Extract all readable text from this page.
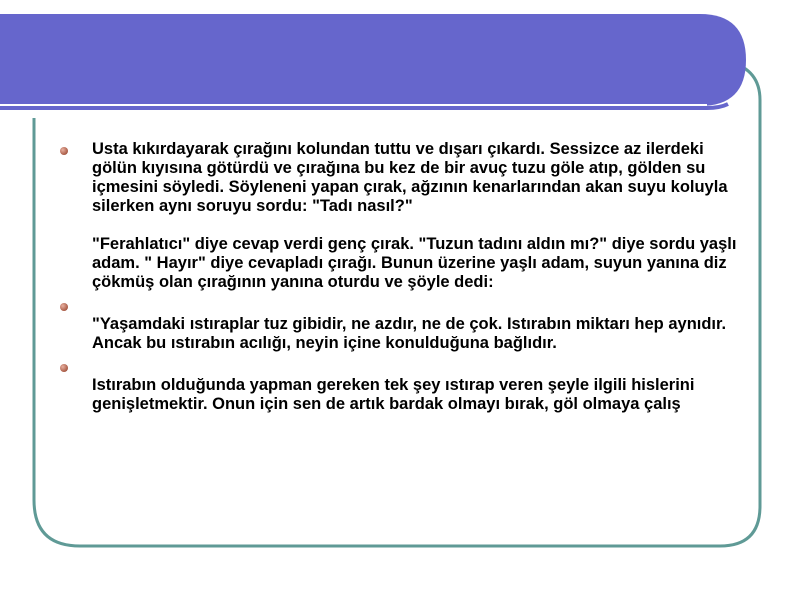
Usta kıkırdayarak çırağını kolundan tuttu ve dışarı çıkardı. Sessizce az ilerdeki gölün kıyısına götürdü ve çırağına bu kez de bir avuç tuzu göle atıp, gölden su içmesini söyledi. Söyleneni yapan çırak, ağzının kenarlarından akan suyu koluyla silerken aynı soruyu sordu: "Tadı nasıl?"

"Ferahlatıcı" diye cevap verdi genç çırak. "Tuzun tadını aldın mı?" diye sordu yaşlı adam. " Hayır" diye cevapladı çırağı. Bunun üzerine yaşlı adam, suyun yanına diz çökmüş olan çırağının yanına oturdu ve şöyle dedi:

"Yaşamdaki ıstıraplar tuz gibidir, ne azdır, ne de çok. Istırabın miktarı hep aynıdır. Ancak bu ıstırabın acılığı, neyin içine konulduğuna bağlıdır.

Istırabın olduğunda yapman gereken tek şey ıstırap veren şeyle ilgili hislerini genişletmektir. Onun için sen de artık bardak olmayı bırak, göl olmaya çalış
